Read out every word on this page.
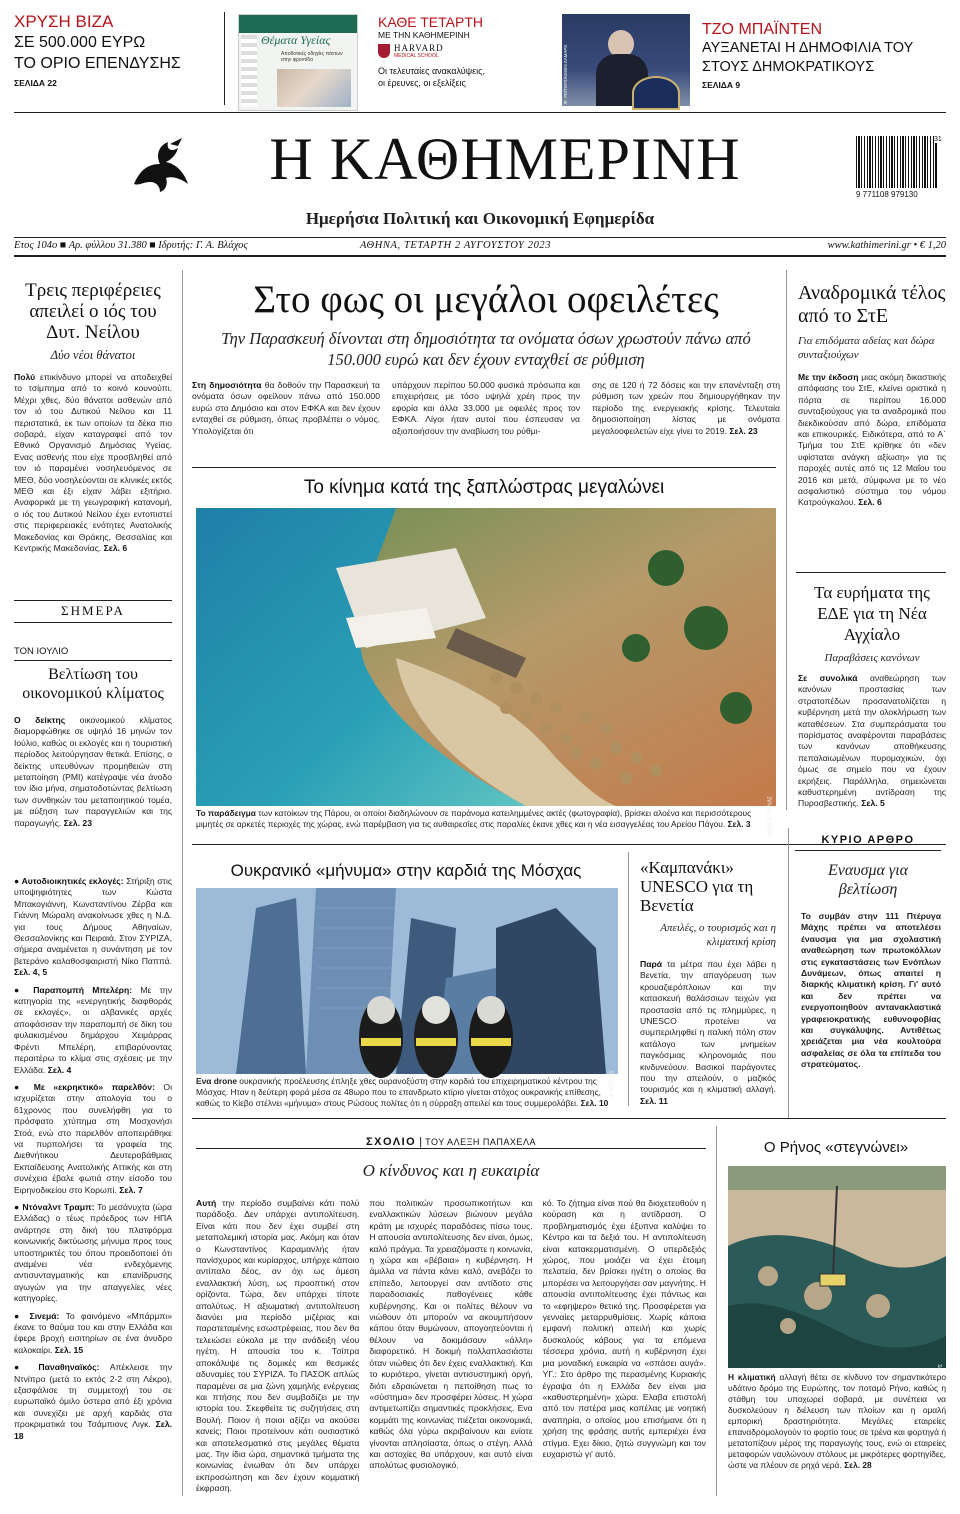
ΧΡΥΣΗ ΒΙΖΑ
ΣΕ 500.000 ΕΥΡΩ
ΤΟ ΟΡΙΟ ΕΠΕΝΔΥΣΗΣ
ΣΕΛΙΔΑ 22
Θέματα Υγείας
Αποδοτικές οδηγίες πάντων στην φροντίδα
ΚΑΘΕ ΤΕΤΑΡΤΗ
ΜΕ ΤΗΝ ΚΑΘΗΜΕΡΙΝΗ
HARVARD
MEDICAL SCHOOL
Οι τελευταίες ανακαλύψεις,
οι έρευνες, οι εξελίξεις	Φ. ΡΕΪΤΕΡΣ/ΚΕΒΙΝ ΛΑΜΑΡΚ
ΤΖΟ ΜΠΑΪΝΤΕΝ
ΑΥΞΑΝΕΤΑΙ Η ΔΗΜΟΦΙΛΙΑ ΤΟΥ
ΣΤΟΥΣ ΔΗΜΟΚΡΑΤΙΚΟΥΣ
ΣΕΛΙΔΑ 9
Η ΚΑΘΗΜΕΡΙΝΗ
Ημερήσια Πολιτική και Οικονομική Εφημερίδα
31
9 771108 979130
Ετος 104ο ■ Αρ. φύλλου 31.380 ■ Ιδρυτής: Γ. Α. Βλάχος	ΑΘΗΝΑ, ΤΕΤΑΡΤΗ 2 ΑΥΓΟΥΣΤΟΥ 2023	www.kathimerini.gr • € 1,20
Τρεις περιφέρειες απειλεί ο ιός του Δυτ. Νείλου
Δύο νέοι θάνατοι
Πολύ επικίνδυνο μπορεί να αποδειχθεί το τσίμπημα από το κοινό κουνούπι. Μέχρι χθες, δύο θάνατοι ασθενών από τον ιό του Δυτικού Νείλου και 11 περιστατικά, εκ των οποίων τα δέκα πιο σοβαρά, είχαν καταγραφεί από τον Εθνικό Οργανισμό Δημόσιας Υγείας. Ενας ασθενής που είχε προσβληθεί από τον ιό παραμένει νοσηλευόμενος σε ΜΕΘ, δύο νοσηλεύονται σε κλινικές εκτός ΜΕΘ και έξι είχαν λάβει εξιτήριο. Αναφορικά με τη γεωγραφική κατανομή, ο ιός του Δυτικού Νείλου έχει εντοπιστεί στις περιφερειακές ενότητες Ανατολικής Μακεδονίας και Θράκης, Θεσσαλίας και Κεντρικής Μακεδονίας. Σελ. 6
ΣΗΜΕΡΑ
ΤΟΝ ΙΟΥΛΙΟ
Βελτίωση του οικονομικού κλίματος
Ο δείκτης οικονομικού κλίματος διαμορφώθηκε σε υψηλό 16 μηνών τον Ιούλιο, καθώς οι εκλογές και η τουριστική περίοδος λειτούργησαν θετικά. Επίσης, ο δείκτης υπευθύνων προμηθειών στη μεταποίηση (PMI) κατέγραψε νέα άνοδο τον ίδιο μήνα, σηματοδοτώντας βελτίωση των συνθηκών του μεταποιητικού τομέα, με αύξηση των παραγγελιών και της παραγωγής. Σελ. 23
● Αυτοδιοικητικές εκλογές: Στήριξη στις υποψηφιότητες των Κώστα Μπακογιάννη, Κωνσταντίνου Ζέρβα και Γιάννη Μώραλη ανακοίνωσε χθες η Ν.Δ. για τους Δήμους Αθηναίων, Θεσσαλονίκης και Πειραιά. Στον ΣΥΡΙΖΑ, σήμερα αναμένεται η συνάντηση με τον βετεράνο καλαθοσφαιριστή Νίκο Παππά. Σελ. 4, 5
● Παραπομπή Μπελέρη: Με την κατηγορία της «ενεργητικής διαφθοράς σε εκλογές», οι αλβανικές αρχές αποφάσισαν την παραπομπή σε δίκη του φυλακισμένου δημάρχου Χειμάρρας Φρέντι Μπελέρη, επιβαρύνοντας περαιτέρω το κλίμα στις σχέσεις με την Ελλάδα. Σελ. 4
● Με «εκρηκτικό» παρελθόν: Οι ισχυρίζεται στην απολογία του ο 61χρονος που συνελήφθη για το πρόσφατο χτύπημα στη Μοσχονήσι Στοά, ενώ στο παρελθόν αποπειράθηκε να πυρπολήσει τα γραφεία της Διεθνήτικου Δευτεροβάθμιας Εκπαίδευσης Ανατολικής Αττικής και στη συνέχεια έβαλε φωτιά στην είσοδο του Ειρηνοδικείου στο Κορωπί. Σελ. 7
● Ντόναλντ Τραμπ: Το μεσάνυχτα (ώρα Ελλάδας) ο τέως πρόεδρος των ΗΠΑ ανάρτησε στη δική του πλατφόρμα κοινωνικής δικτύωσης μήνυμα προς τους υποστηρικτές του όπου προειδοποιεί ότι αναμένει νέα ενδεχόμενης αντισυνταγματικής και επανίδρυσης αγωγών για την απαγγελίες νέες κατηγορίες.
● Σινεμά: Το φαινόμενο «Μπάρμπι» έκανε το θαύμα του και στην Ελλάδα και έφερε βροχή εισιτηρίων σε ένα άνυδρο καλοκαίρι. Σελ. 15
● Παναθηναϊκός: Απέκλεισε την Ντνίπρο (μετά το εκτός 2-2 στη Λέκρο), εξασφάλισε τη συμμετοχή του σε ευρωπαϊκό όμιλο ύστερα από έξι χρόνια και συνεχίζει με αρχή καρδιάς στα προκριματικά του Τσάμπιονς Λιγκ. Σελ. 18
Στο φως οι μεγάλοι οφειλέτες
Την Παρασκευή δίνονται στη δημοσιότητα τα ονόματα όσων χρωστούν πάνω από 150.000 ευρώ και δεν έχουν ενταχθεί σε ρύθμιση
Στη δημοσιότητα θα δοθούν την Παρασκευή τα ονόματα όσων οφείλουν πάνω από 150.000 ευρώ στο Δημόσιο και στον ΕΦΚΑ και δεν έχουν ενταχθεί σε ρύθμιση, όπως προβλέπει ο νόμος. Υπολογίζεται ότι
υπάρχουν περίπου 50.000 φυσικά πρόσωπα και επιχειρήσεις με τόσο υψηλά χρέη προς την εφορία και άλλα 33.000 με οφειλές προς τον ΕΦΚΑ. Λίγοι ήταν αυτοί που έσπευσαν να αξιοποιήσουν την αναβίωση του ρύθμι-
σης σε 120 ή 72 δόσεις και την επανένταξη στη ρύθμιση των χρεών που δημιουργήθηκαν την περίοδο της ενεργειακής κρίσης. Τελευταία δημοσιοποίηση λίστας με ονόματα μεγαλοοφειλετών είχε γίνει το 2019. Σελ. 23
Το κίνημα κατά της ξαπλώστρας μεγαλώνει
ΑΝΔΡΕΑΣ ΓΑΛΙΑΣ
Το παράδειγμα των κατοίκων της Πάρου, οι οποίοι διαδηλώνουν σε παράνομα κατειλημμένες ακτές (φωτογραφία), βρίσκει αλοένα και περισσότερους μιμητές σε αρκετές περιοχές της χώρας, ενώ παρέμβαση για τις αυθαιρεσίες στις παραλίες έκανε χθες και η νέα εισαγγελέας του Αρείου Πάγου. Σελ. 3
Ουκρανικό «μήνυμα» στην καρδιά της Μόσχας
Φ: ΡΕΪΤΕΡΣ
Ενα drone ουκρανικής προέλευσης έπληξε χθες ουρανοξύστη στην καρδιά του επιχειρηματικού κέντρου της Μόσχας. Ηταν η δεύτερη φορά μέσα σε 48ωρο που το επανδρωτο κτίριο γίνεται στόχος ουκρανικής επίθεσης, καθώς το Κίεβο στέλνει «μήνυμα» στους Ρώσους πολίτες ότι η σύρραξη απειλεί και τους συμμερολάβει. Σελ. 10
«Καμπανάκι» UNESCO για τη Βενετία
Απειλές, ο τουρισμός και η κλιματική κρίση
Παρά τα μέτρα που έχει λάβει η Βενετία, την απαγόρευση των κρουαζιερόπλοιων και την κατασκευή θαλάσσιων τειχών για προστασία από τις πλημμύρες, η UNESCO προτείνει να συμπεριληφθεί η ιταλική πόλη στον κατάλογο των μνημείων παγκόσμιας κληρονομιάς που κινδυνεύουν. Βασικοί παράγοντες που την απειλούν, ο μαζικός τουρισμός και η κλιματική αλλαγή. Σελ. 11
Αναδρομικά τέλος από το ΣτΕ
Για επιδόματα αδείας και δώρα συνταξιούχων
Με την έκδοση μιας ακόμη δικαστικής απόφασης του ΣτΕ, κλείνει οριστικά η πόρτα σε περίπου 16.000 συνταξιούχους για τα αναδρομικά που διεκδικούσαν από δώρα, επιδόματα και επικουρικές. Ειδικότερα, από το Α΄ Τμήμα του ΣτΕ κρίθηκε ότι «δεν υφίσταται ανάγκη αξίωση» για τις παροχές αυτές από τις 12 Μαΐου του 2016 και μετά, σύμφωνα με το νέο ασφαλιστικό σύστημα του νόμου Κατρούγκαλου. Σελ. 6
Τα ευρήματα της ΕΔΕ για τη Νέα Αγχίαλο
Παραβάσεις κανόνων
Σε συνολικά αναθεώρηση των κανόνων προστασίας των στρατοπέδων προσανατολίζεται η κυβέρνηση μετά την ολοκλήρωση των καταθέσεων. Στα συμπεράσματα του πορίσματος αναφέρονται παραβάσεις των κανόνων αποθήκευσης πεπαλαιωμένων πυρομαχικών, όχι όμως σε σημείο που να έχουν εκρήξεις. Παράλληλα, σημειώνεται καθυστερημένη αντίδραση της Πυροσβεστικής. Σελ. 5
ΚΥΡΙΟ ΑΡΘΡΟ
Εναυσμα για βελτίωση
Το συμβάν στην 111 Πτέρυγα Μάχης πρέπει να αποτελέσει έναυσμα για μια σχολαστική αναθεώρηση των πρωτοκόλλων στις εγκαταστάσεις των Ενόπλων Δυνάμεων, όπως απαιτεί η διαρκής κλιματική κρίση. Γι' αυτό και δεν πρέπει να ενεργοποιηθούν αντανακλαστικά γραφειοκρατικής ευθυνοφοβίας και συγκάλυψης. Αντιθέτως χρειάζεται μια νέα κουλτούρα ασφαλείας σε όλα τα επίπεδα του στρατεύματος.
ΣΧΟΛΙΟ | ΤΟΥ ΑΛΕΞΗ ΠΑΠΑΧΕΛΑ
Ο κίνδυνος και η ευκαιρία
Αυτή την περίοδο συμβαίνει κάτι πολύ παράδοξο. Δεν υπάρχει αντιπολίτευση. Είναι κάτι που δεν έχει συμβεί στη μεταπολεμική ιστορία μας. Ακόμη και όταν ο Κωνσταντίνος Καραμανλής ήταν πανίσχυρος και κυρίαρχος, υπήρχε κάποιο αντίπαλο δέος, αν όχι ως άμεση εναλλακτική λύση, ως προοπτική στον ορίζοντα. Τώρα, δεν υπάρχει τίποτε απολύτως. Η αξιωματική αντιπολίτευση διανύει μια περίοδο μιζέριας και παρατεταμένης εσωστρέφειας, που δεν θα τελειώσει εύκολα με την ανάδειξη νέου ηγέτη. Η απουσία του κ. Τσίπρα αποκάλυψε τις δομικές και θεσμικές αδυναμίες του ΣΥΡΙΖΑ. Το ΠΑΣΟΚ απλώς παραμένει σε μια ζώνη χαμηλής ενέργειας και πτήσης που δεν συμβαδίζει με την ιστορία του. Σκεφθείτε τις συζητήσεις στη Βουλή. Ποιον ή ποιοι αξίζει να ακούσει κανείς; Ποιοι προτείνουν κάτι ουσιαστικό και αποτελεσματικό στις μεγάλες θέματα μας. Την ίδια ώρα, σημαντικά τμήματα της κοινωνίας ένιωθαν ότι δεν υπάρχει εκπροσώπηση και δεν έχουν κομματική έκφραση.
που πολιτικών προσωπικοτήτων και εναλλακτικών λύσεων βιώνουν μεγάλα κράτη με ισχυρές παραδόσεις πίσω τους. Η απουσία αντιπολίτευσης δεν είναι, όμως, καλό πράγμα. Τα χρειαζόμαστε η κοινωνία, η χώρα και «βέβαια» η κυβέρνηση. Η άμιλλα να πάντα κάνει καλό, ανεβάζει το επίπεδο, λειτουργεί σαν αντίδοτο στις παραδοσιακές παθογένειες κάθε κυβέρνησης. Και οι πολίτες θέλουν να νιώθουν ότι μπορούν να ακουμπήσουν κάπου όταν θυμώνουν, απογοητεύονται ή θέλουν να δοκιμάσουν «άλλη» διαφορετικό. Η δοκιμή πολλαπλασιάστει όταν νιώθεις ότι δεν έχεις εναλλακτική. Και το κυριότερο, γίνεται αντισυστημική οργή, διότι εδραιώνεται η πεποίθηση πως το «σύστημα» δεν προσφέρει λύσεις. Η χώρα αντιμετωπίζει σημαντικές προκλήσεις. Ενα κομμάτι της κοινωνίας πιέζεται οικονομικά, καθώς όλα γύρω ακριβαίνουν και ενίοτε γίνονται απλησίαστα, όπως ο στέγη. Αλλά και αστοχίες θα υπάρχουν, και αυτό είναι απολύτως φυσιολογικό.
κό. Το ζήτημα είναι πού θα διοχετευθούν η κούραση και η αντίδραση. Ο προβληματισμός έχει έξυπνα καλύψει το Κέντρο και τα δεξιά του. Η αντιπολίτευση είναι κατακερματισμένη. Ο υπερδεξιός χώρος, που μοιάζει να έχει έτοιμη πελατεία, δεν βρίσκει ηγέτη ο οποίος θα μπορέσει να λειτουργήσει σαν μαγνήτης. Η απουσία αντιπολίτευσης έχει πάντως και το «εφηψερο» θετικό της. Προσφέρεται για γενναίες μεταρρυθμίσεις. Χωρίς κάποια εμφανή πολιτική απειλή και χωρίς δυσκολούς κάβους για τα επόμενα τέσσερα χρόνια, αυτή η κυβέρνηση έχει μια μοναδική ευκαιρία να «σπάσει αυγά». ΥΓ.: Στο άρθρο της περασμένης Κυριακής έγραψα ότι η Ελλάδα δεν είναι μια «καθυστερημένη» χώρα. Ελαβα επιστολή από τον πατέρα μιας κοπέλας με νοητική αναπηρία, ο οποίος μου επισήμανε ότι η χρήση της φράσης αυτής εμπεριέχει ένα στίγμα. Εχει δίκιο, ζητώ συγγνώμη και τον ευχαριστώ γι' αυτό.
Ο Ρήνος «στεγνώνει»
ΦΩΤΟΓΡΑΦΙΑ: ΜΑΡΤΙΝ ΜΕΪΣΝΕΡ/ΡΕΪΤΕΡΣ
Η κλιματική αλλαγή θέτει σε κίνδυνο τον σημαντικότερο υδάτινο δρόμο της Ευρώπης, τον ποταμό Ρήνο, καθώς η στάθμη του υποχωρεί σοβαρά, με συνέπεια να δυσκολεύουν η διέλευση των πλοίων και η ομαλή εμπορική δραστηριότητα. Μεγάλες εταιρείες επαναδρομολογούν το φορτίο τους σε τρένα και φορτηγά ή μετατοπίζουν μέρος της παραγωγής τους, ενώ οι εταιρείες μεταφορών ναυλώνουν στόλους με μικρότερες φορτηγίδες, ώστε να πλέουν σε ρηχά νερά. Σελ. 28
